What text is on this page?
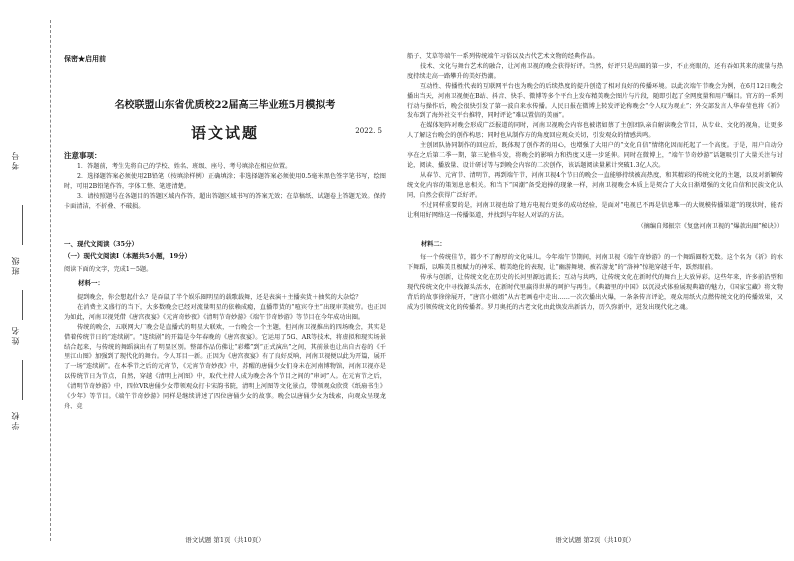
考号
班级
姓名
学校
保密★启用前
名校联盟山东省优质校22届高三毕业班5月模拟考
语文试题	2022. 5
注意事项：

1．答题前，考生先将自己的学校、姓名、班级、座号、考号填涂在相应位置。

2．选择题答案必须使用2B铅笔（按填涂样例）正确填涂；非选择题答案必须使用0.5毫米黑色签字笔书写，绘图时，可用2B铅笔作答，字体工整、笔迹清楚。

3．请按照题号在各题目的答题区域内作答，超出答题区域书写的答案无效；在草稿纸、试题卷上答题无效。保持卡面清洁，不折叠、不破损。

一、现代文阅读（35分）
（一）现代文阅读Ⅰ（本题共5小题，19分）
阅读下面的文字，完成1～5题。
材料一：

提到晚会，你会想起什么？是吞鼠了半个娱乐圈明星的载歌载舞，还是表演＋主播卖货＋抽奖的大杂烩？

在消费主义盛行的当下，大多数晚会已经对流量明星的依赖成瘾，直播带货的“喧宾夺主”出现审美疲劳。也正因为如此，河南卫视凭借《唐宫夜宴》《元宵奇妙夜》《清明节奇妙游》《端午节奇妙游》等节目在今年成功出圈。

传统的晚会，五联网大厂晚会是直播式的明星大联欢，一台晚会一个主题，但河南卫视推出的四场晚会，其实是借着传统节日的“连续剧”。“连续剧”的开篇是今年春晚的《唐宫夜宴》。它运用了5G、AR等技术，将虚拟和现实场景结合起来，与传统的舞蹈演出有了明显区别。整部作品仿佛让“彩蝶”到“正式演出”之间，其前景也让出自古卷的《千里江山图》加强到了现代化的舞台。令人耳目一新。正因为《唐宫夜宴》有了良好反响，河南卫视便以此为开篇，展开了一场“连续剧”。在本季节之后的元宵节，《元宵节奇妙夜》中，苏醒的唐俑少女们身未在河南博物馆，河南卫视亦是以传统节日为节点，自然，穿越《清明上河图》中，取代主持人成为晚会各个节目之间的“串词”人。在元宵节之后，《清明节奇妙游》中，四位VR唐俑少女带领观众打卡宋韵书院，清明上河图等文化景点，带领观众欣赏《纸扇书生》《少年》等节目。《端午节奇妙游》同样是继续讲述了四位唐俑少女的故事。晚会以唐俑少女为线索，向观众呈现龙舟、竞

语文试题 第1页（共10页）

船子、艾草等端午一系列传统端午习俗以及古代艺术文物的经典作品。

技术、文化与舞台艺术的融合，让河南卫视的晚会获得好评。当然，好评只是出圈的第一步，不止亮眼的，还有吞如其来的流量与热度持续走高一路攀升的美好热潮。

互动性、传播性代表的互联网平台也为晚会的后续热度的提升创造了相对良好的传播环境。以此次端午节晚会为例，在6月12日晚会播出当天，河南卫视便在B站、抖音、快手、微博等多个平台上发布精美晚会图片与片段，随即引起了全网度量和用户瞩目。官方的一系列行动与操作后，晚会很快引发了第一波自来水传播。人民日报在微博上转发评论称晚会“令人叹为观止”；外交部发言人华春莹也将《祈》发布到了海外社交平台推特，同时评论“难以置信的美丽”。

在媒体矩阵对晚会形成广泛报道的同时，河南卫视晚会内容也被诸如蔡了主创团队亲自解读晚会节目，从专业、文化的视角，让更多人了解这台晚会的创作构思；同时也从制作方的角度回应观众关切，引发观众的情感共鸣。

主创团队协同制作的回应后，既体现了创作者的用心，也增强了大用户的“文化自信”情绪化因而托起了一个高度。于是，用户自动分享在之后第二季一期，第三轮格斗发，将晚会的影响力和热度又进一步延伸。同时在微博上，“端午节奇妙游”话题吸引了大量关注与讨论，阅读、播放量、设计研讨等与到晚会内容的二次创作，该话题阅读量累计突破1.3亿人次。

从春节、元宵节、清明节，再到端午节，河南卫视4个节日的晚会一直能够持续被高热度，和其精彩的传统文化的主题，以及对新颖传统文化内容的策划息息相关。和当下“国潮”备受追捧的现象一样，河南卫视晚会本质上是契合了大众日渐增强的文化自信和民族文化认同，自然会获得广泛好评。

不过同样重要的是，河南卫视也给了地方电视台更多的成功经验，是面对“电视已不再是信息唯一的大规模传播渠道”的现状时，能否让利用好网络这一传播渠道，并找到与年轻人对话的方法。

（摘编自郑振宗《复盘河南卫视的“爆款出圈”秘诀》）

材料二：

每一个传统佳节，都少不了醇厚的文化味儿。今年端午节期间，河南卫视《端午奇妙游》的一个舞蹈圈粉无数。这个名为《祈》的水下舞蹈，以唯美且极赋力的神采、精美绝伦的表现，让“幽游舞境、被若游龙”的“洛神”惊艳穿越千年，跃然眼前。

传承与创新，让传统文化在历史的长河里源远流长；互动与共鸣，让传统文化在新时代的舞台上大放异彩。这些年来，许多前沿型和现代传统文化中寻找源头活水，在新时代里赢得世界的呵护与再生。《典籍里的中国》以沉浸式体验展现典籍的魅力，《国家宝藏》将文物背后的故事徐徐展开，“唐宫小姐姐”从古老画卷中走出……一次次播出火爆，一条条传言评论，观众用纸火点燃传统文化的传播效果，又成为引领传统文化的传播者。罗月奥托的古老文化由此焕发出新活力，历久弥新中，迸发出现代化之魂。

语文试题 第2页（共10页）
